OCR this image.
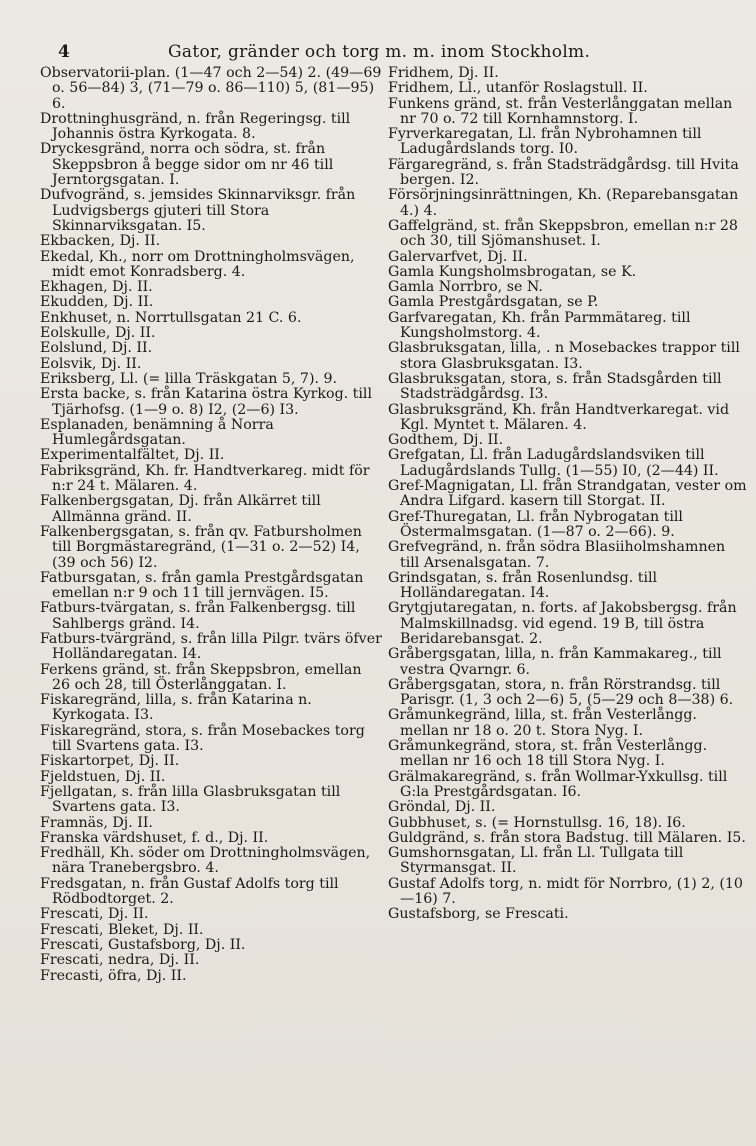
4	Gator, gränder och torg m. m. inom Stockholm.

Observatorii-plan. (1—47 och 2—54) 2. (49—69 o. 56—84) 3, (71—79 o. 86—110) 5, (81—95) 6.

Drottninghusgränd, n. från Regeringsg. till Johannis östra Kyrkogata. 8.

Dryckesgränd, norra och södra, st. från Skeppsbron å begge sidor om nr 46 till Jerntorgsgatan. I.

Dufvogränd, s. jemsides Skinnarviksgr. från Ludvigsbergs gjuteri till Stora Skinnarviksgatan. I5.

Ekbacken, Dj. II.

Ekedal, Kh., norr om Drottningholmsvägen, midt emot Konradsberg. 4.

Ekhagen, Dj. II.

Ekudden, Dj. II.

Enkhuset, n. Norrtullsgatan 21 C. 6.

Eolskulle, Dj. II.

Eolslund, Dj. II.

Eolsvik, Dj. II.

Eriksberg, Ll. (= lilla Träskgatan 5, 7). 9.

Ersta backe, s. från Katarina östra Kyrkog. till Tjärhofsg. (1—9 o. 8) I2, (2—6) I3.

Esplanaden, benämning å Norra Humlegårdsgatan.

Experimentalfältet, Dj. II.

Fabriksgränd, Kh. fr. Handtverkareg. midt för n:r 24 t. Mälaren. 4.

Falkenbergsgatan, Dj. från Alkärret till Allmänna gränd. II.

Falkenbergsgatan, s. från qv. Fatbursholmen till Borgmästaregränd, (1—31 o. 2—52) I4, (39 och 56) I2.

Fatbursgatan, s. från gamla Prestgårdsgatan emellan n:r 9 och 11 till jernvägen. I5.

Fatburs-tvärgatan, s. från Falkenbergsg. till Sahlbergs gränd. I4.

Fatburs-tvärgränd, s. från lilla Pilgr. tvärs öfver Holländaregatan. I4.

Ferkens gränd, st. från Skeppsbron, emellan 26 och 28, till Österlånggatan. I.

Fiskaregränd, lilla, s. från Katarina n. Kyrkogata. I3.

Fiskaregränd, stora, s. från Mosebackes torg till Svartens gata. I3.

Fiskartorpet, Dj. II.

Fjeldstuen, Dj. II.

Fjellgatan, s. från lilla Glasbruksgatan till Svartens gata. I3.

Framnäs, Dj. II.

Franska värdshuset, f. d., Dj. II.

Fredhäll, Kh. söder om Drottningholmsvägen, nära Tranebergsbro. 4.

Fredsgatan, n. från Gustaf Adolfs torg till Rödbodtorget. 2.

Frescati, Dj. II.

Frescati, Bleket, Dj. II.

Frescati, Gustafsborg, Dj. II.

Frescati, nedra, Dj. II.

Frecasti, öfra, Dj. II.

Fridhem, Dj. II.

Fridhem, Ll., utanför Roslagstull. II.

Funkens gränd, st. från Vesterlånggatan mellan nr 70 o. 72 till Kornhamnstorg. I.

Fyrverkaregatan, Ll. från Nybrohamnen till Ladugårdslands torg. I0.

Färgaregränd, s. från Stadsträdgårdsg. till Hvita bergen. I2.

Försörjningsinrättningen, Kh. (Reparebansgatan 4.) 4.

Gaffelgränd, st. från Skeppsbron, emellan n:r 28 och 30, till Sjömanshuset. I.

Galervarfvet, Dj. II.

Gamla Kungsholmsbrogatan, se K.

Gamla Norrbro, se N.

Gamla Prestgårdsgatan, se P.

Garfvaregatan, Kh. från Parmmätareg. till Kungsholmstorg. 4.

Glasbruksgatan, lilla, . n Mosebackes trappor till stora Glasbruksgatan. I3.

Glasbruksgatan, stora, s. från Stadsgården till Stadsträdgårdsg. I3.

Glasbruksgränd, Kh. från Handtverkaregat. vid Kgl. Myntet t. Mälaren. 4.

Godthem, Dj. II.

Grefgatan, Ll. från Ladugårdslandsviken till Ladugårdslands Tullg. (1—55) I0, (2—44) II.

Gref-Magnigatan, Ll. från Strandgatan, vester om Andra Lifgard. kasern till Storgat. II.

Gref-Thuregatan, Ll. från Nybrogatan till Östermalmsgatan. (1—87 o. 2—66). 9.

Grefvegränd, n. från södra Blasiiholmshamnen till Arsenalsgatan. 7.

Grindsgatan, s. från Rosenlundsg. till Holländaregatan. I4.

Grytgjutaregatan, n. forts. af Jakobsbergsg. från Malmskillnadsg. vid egend. 19 B, till östra Beridarebansgat. 2.

Gråbergsgatan, lilla, n. från Kammakareg., till vestra Qvarngr. 6.

Gråbergsgatan, stora, n. från Rörstrandsg. till Parisgr. (1, 3 och 2—6) 5, (5—29 och 8—38) 6.

Gråmunkegränd, lilla, st. från Vesterlångg. mellan nr 18 o. 20 t. Stora Nyg. I.

Gråmunkegränd, stora, st. från Vesterlångg. mellan nr 16 och 18 till Stora Nyg. I.

Grälmakaregränd, s. från Wollmar-Yxkullsg. till G:la Prestgårdsgatan. I6.

Gröndal, Dj. II.

Gubbhuset, s. (= Hornstullsg. 16, 18). I6.

Guldgränd, s. från stora Badstug. till Mälaren. I5.

Gumshornsgatan, Ll. från Ll. Tullgata till Styrmansgat. II.

Gustaf Adolfs torg, n. midt för Norrbro, (1) 2, (10—16) 7.

Gustafsborg, se Frescati.
